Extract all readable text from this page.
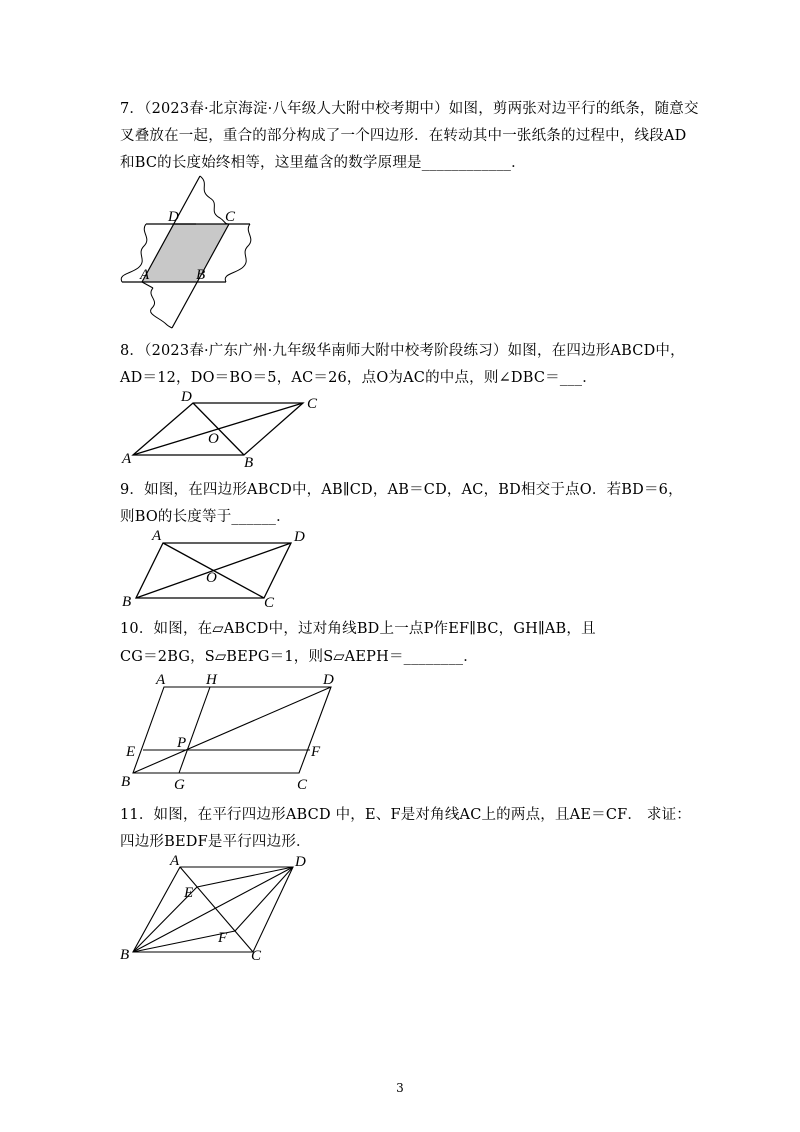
7．（2023春·北京海淀·八年级人大附中校考期中）如图，剪两张对边平行的纸条，随意交
叉叠放在一起，重合的部分构成了一个四边形．在转动其中一张纸条的过程中，线段AD
和BC的长度始终相等，这里蕴含的数学原理是____________．
D	C
A	B
8．（2023春·广东广州·九年级华南师大附中校考阶段练习）如图，在四边形ABCD中，
AD＝12，DO＝BO＝5，AC＝26，点O为AC的中点，则∠DBC＝___．
D	C
O
A	B
9．如图，在四边形ABCD中，AB∥CD，AB＝CD，AC，BD相交于点O．若BD＝6，
则BO的长度等于______．
A	D
O
B	C
10．如图，在▱ABCD中，过对角线BD上一点P作EF∥BC，GH∥AB，且
CG＝2BG，S▱BEPG＝1，则S▱AEPH＝________．
A	H	D
E
P
F
B	G	C
11．如图，在平行四边形ABCD 中，E、F是对角线AC上的两点，且AE＝CF． 求证：
四边形BEDF是平行四边形．
A	D
E
F
B	C
3
